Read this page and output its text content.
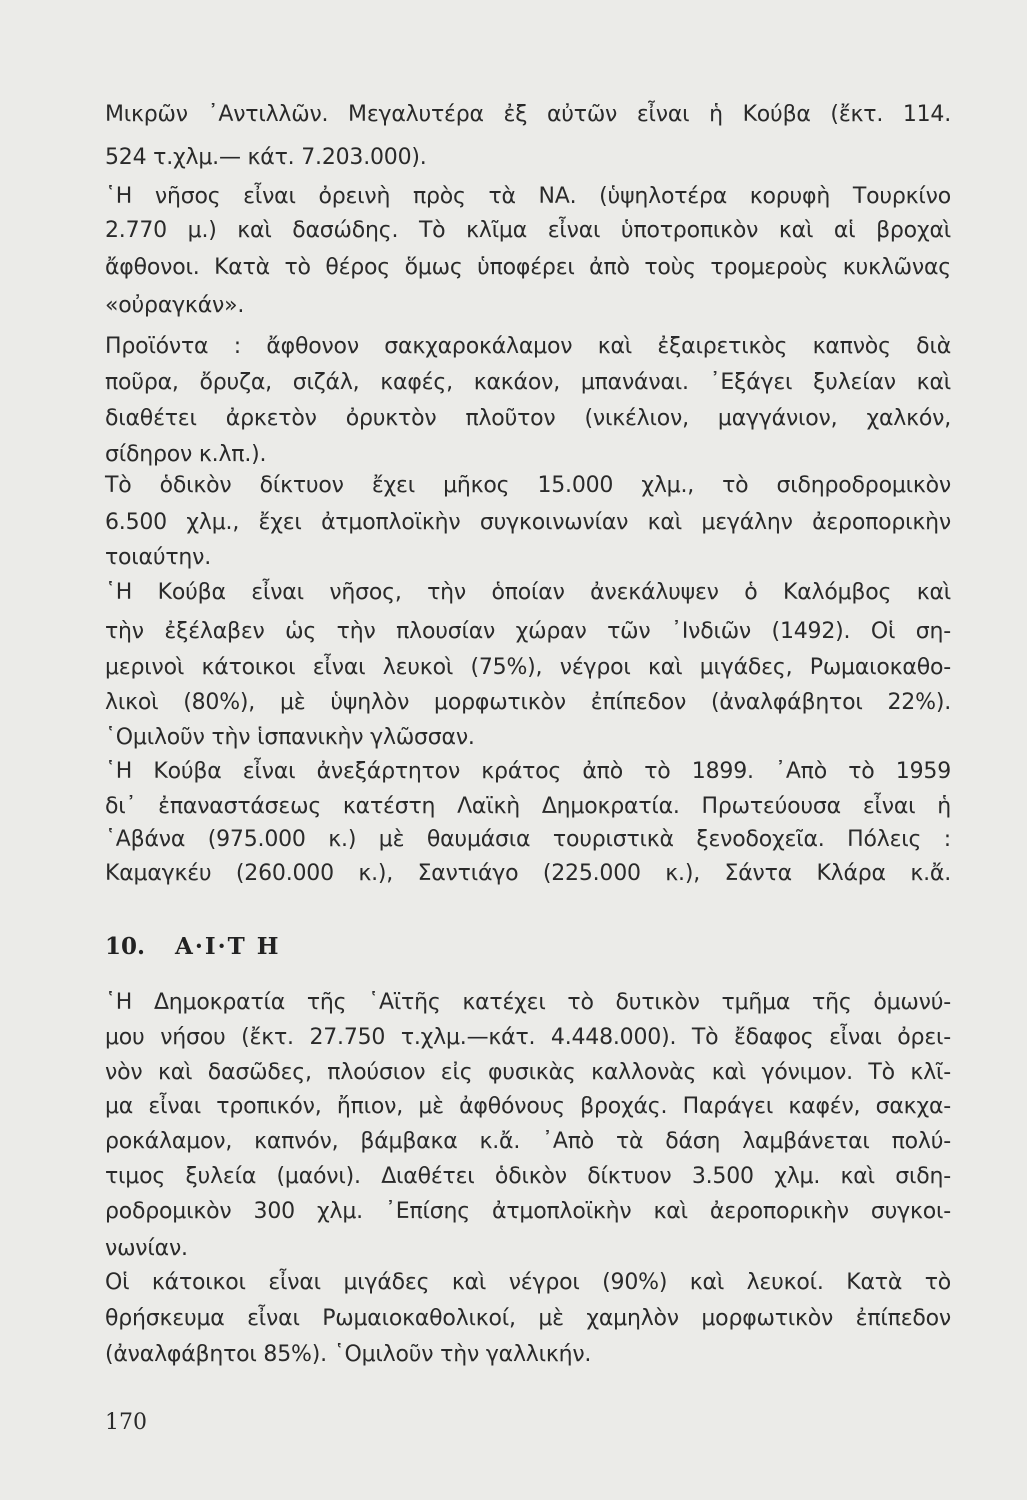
Μικρῶν ᾿Αντιλλῶν. Μεγαλυτέρα ἐξ αὐτῶν εἶναι ἡ Κούβα (ἔκτ. 114.
524 τ.χλμ.— κάτ. 7.203.000).
῾Η νῆσος εἶναι ὀρεινὴ πρὸς τὰ ΝΑ. (ὑψηλοτέρα κορυφὴ Τουρκίνο
2.770 μ.) καὶ δασώδης. Τὸ κλῖμα εἶναι ὑποτροπικὸν καὶ αἱ βροχαὶ
ἄφθονοι. Κατὰ τὸ θέρος ὅμως ὑποφέρει ἀπὸ τοὺς τρομεροὺς κυκλῶνας
«οὐραγκάν».
Προϊόντα : ἄφθονον σακχαροκάλαμον καὶ ἐξαιρετικὸς καπνὸς διὰ
ποῦρα, ὄρυζα, σιζάλ, καφές, κακάον, μπανάναι. ᾿Εξάγει ξυλείαν καὶ
διαθέτει ἀρκετὸν ὀρυκτὸν πλοῦτον (νικέλιον, μαγγάνιον, χαλκόν,
σίδηρον κ.λπ.).
Τὸ ὁδικὸν δίκτυον ἔχει μῆκος 15.000 χλμ., τὸ σιδηροδρομικὸν
6.500 χλμ., ἔχει ἀτμοπλοϊκὴν συγκοινωνίαν καὶ μεγάλην ἀεροπορικὴν
τοιαύτην.
῾Η Κούβα εἶναι νῆσος, τὴν ὁποίαν ἀνεκάλυψεν ὁ Καλόμβος καὶ
τὴν ἐξέλαβεν ὡς τὴν πλουσίαν χώραν τῶν ᾿Ινδιῶν (1492). Οἱ ση-
μερινοὶ κάτοικοι εἶναι λευκοὶ (75%), νέγροι καὶ μιγάδες, Ρωμαιοκαθο-
λικοὶ (80%), μὲ ὑψηλὸν μορφωτικὸν ἐπίπεδον (ἀναλφάβητοι 22%).
῾Ομιλοῦν τὴν ἱσπανικὴν γλῶσσαν.
῾Η Κούβα εἶναι ἀνεξάρτητον κράτος ἀπὸ τὸ 1899. ᾿Απὸ τὸ 1959
δι᾿ ἐπαναστάσεως κατέστη Λαϊκὴ Δημοκρατία. Πρωτεύουσα εἶναι ἡ
῾Αβάνα (975.000 κ.) μὲ θαυμάσια τουριστικὰ ξενοδοχεῖα. Πόλεις :
Καμαγκέυ (260.000 κ.), Σαντιάγο (225.000 κ.), Σάντα Κλάρα κ.ἄ.
10. Α·Ι·Τ Η
῾Η Δημοκρατία τῆς ῾Αϊτῆς κατέχει τὸ δυτικὸν τμῆμα τῆς ὁμωνύ-
μου νήσου (ἔκτ. 27.750 τ.χλμ.—κάτ. 4.448.000). Τὸ ἔδαφος εἶναι ὀρει-
νὸν καὶ δασῶδες, πλούσιον εἰς φυσικὰς καλλονὰς καὶ γόνιμον. Τὸ κλῖ-
μα εἶναι τροπικόν, ἤπιον, μὲ ἀφθόνους βροχάς. Παράγει καφέν, σακχα-
ροκάλαμον, καπνόν, βάμβακα κ.ἄ. ᾿Απὸ τὰ δάση λαμβάνεται πολύ-
τιμος ξυλεία (μαόνι). Διαθέτει ὁδικὸν δίκτυον 3.500 χλμ. καὶ σιδη-
ροδρομικὸν 300 χλμ. ᾿Επίσης ἀτμοπλοϊκὴν καὶ ἀεροπορικὴν συγκοι-
νωνίαν.
Οἱ κάτοικοι εἶναι μιγάδες καὶ νέγροι (90%) καὶ λευκοί. Κατὰ τὸ
θρήσκευμα εἶναι Ρωμαιοκαθολικοί, μὲ χαμηλὸν μορφωτικὸν ἐπίπεδον
(ἀναλφάβητοι 85%). ῾Ομιλοῦν τὴν γαλλικήν.
170
